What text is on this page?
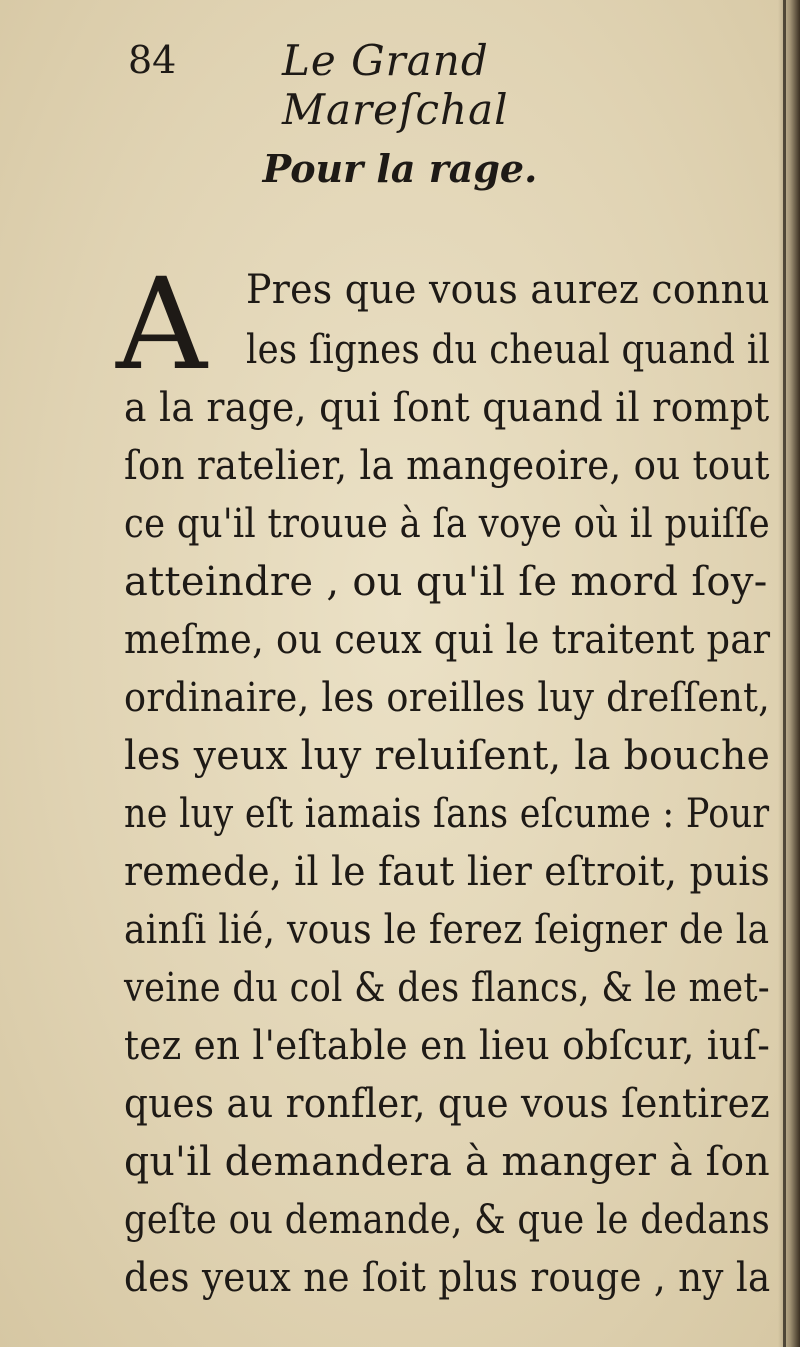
84	Le Grand Mareſchal
Pour la rage.
A Pres que vous aurez connu
les ſignes du cheual quand il
a la rage, qui ſont quand il rompt
ſon ratelier, la mangeoire, ou tout
ce qu'il trouue à ſa voye où il puiſſe
atteindre , ou qu'il ſe mord ſoy-
meſme, ou ceux qui le traitent par
ordinaire, les oreilles luy dreſſent,
les yeux luy reluiſent, la bouche
ne luy eſt iamais ſans eſcume : Pour
remede, il le faut lier eſtroit, puis
ainſi lié, vous le ferez ſeigner de la
veine du col & des flancs, & le met-
tez en l'eſtable en lieu obſcur, iuſ-
ques au ronfler, que vous ſentirez
qu'il demandera à manger à ſon
geſte ou demande, & que le dedans
des yeux ne ſoit plus rouge , ny la
